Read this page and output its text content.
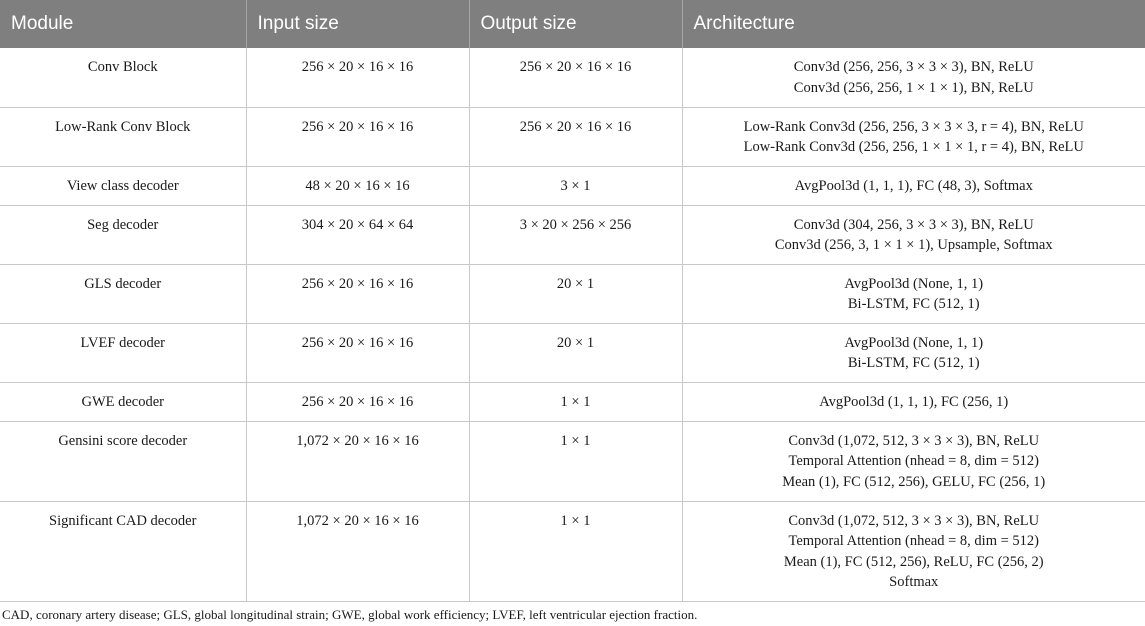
Module	Input size	Output size	Architecture
Conv Block	256 × 20 × 16 × 16	256 × 20 × 16 × 16	Conv3d (256, 256, 3 × 3 × 3), BN, ReLU
Conv3d (256, 256, 1 × 1 × 1), BN, ReLU

Low-Rank Conv Block	256 × 20 × 16 × 16	256 × 20 × 16 × 16	Low-Rank Conv3d (256, 256, 3 × 3 × 3, r = 4), BN, ReLU
Low-Rank Conv3d (256, 256, 1 × 1 × 1, r = 4), BN, ReLU

View class decoder	48 × 20 × 16 × 16	3 × 1	AvgPool3d (1, 1, 1), FC (48, 3), Softmax

Seg decoder	304 × 20 × 64 × 64	3 × 20 × 256 × 256	Conv3d (304, 256, 3 × 3 × 3), BN, ReLU
Conv3d (256, 3, 1 × 1 × 1), Upsample, Softmax

GLS decoder	256 × 20 × 16 × 16	20 × 1	AvgPool3d (None, 1, 1)
Bi-LSTM, FC (512, 1)

LVEF decoder	256 × 20 × 16 × 16	20 × 1	AvgPool3d (None, 1, 1)
Bi-LSTM, FC (512, 1)

GWE decoder	256 × 20 × 16 × 16	1 × 1	AvgPool3d (1, 1, 1), FC (256, 1)

Gensini score decoder	1,072 × 20 × 16 × 16	1 × 1	Conv3d (1,072, 512, 3 × 3 × 3), BN, ReLU
Temporal Attention (nhead = 8, dim = 512)
Mean (1), FC (512, 256), GELU, FC (256, 1)

Significant CAD decoder	1,072 × 20 × 16 × 16	1 × 1	Conv3d (1,072, 512, 3 × 3 × 3), BN, ReLU
Temporal Attention (nhead = 8, dim = 512)
Mean (1), FC (512, 256), ReLU, FC (256, 2)
Softmax
CAD, coronary artery disease; GLS, global longitudinal strain; GWE, global work efficiency; LVEF, left ventricular ejection fraction.
